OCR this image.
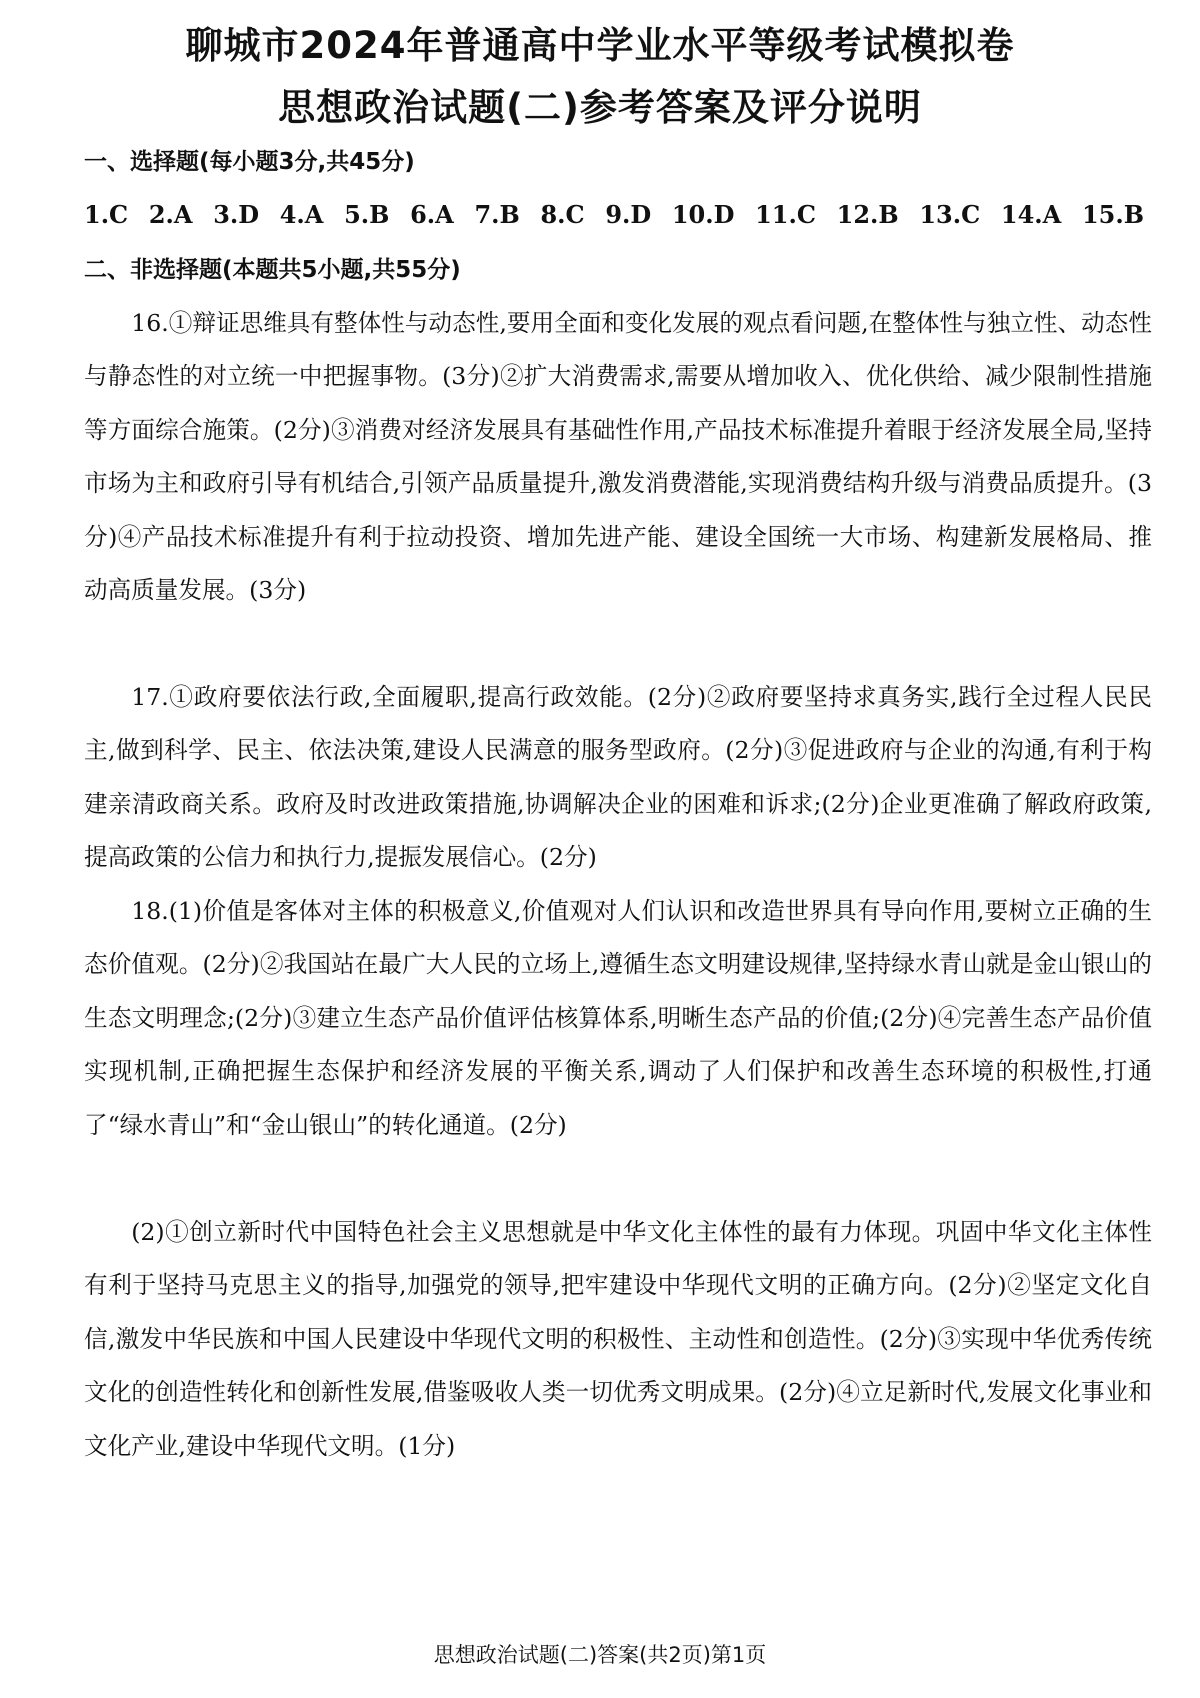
聊城市2024年普通高中学业水平等级考试模拟卷
思想政治试题(二)参考答案及评分说明
一、选择题(每小题3分,共45分)
1.C 2.A 3.D 4.A 5.B 6.A 7.B 8.C 9.D 10.D 11.C 12.B 13.C 14.A 15.B
二、非选择题(本题共5小题,共55分)

16.①辩证思维具有整体性与动态性,要用全面和变化发展的观点看问题,在整体性与独立性、动态性与静态性的对立统一中把握事物。(3分)②扩大消费需求,需要从增加收入、优化供给、减少限制性措施等方面综合施策。(2分)③消费对经济发展具有基础性作用,产品技术标准提升着眼于经济发展全局,坚持市场为主和政府引导有机结合,引领产品质量提升,激发消费潜能,实现消费结构升级与消费品质提升。(3分)④产品技术标准提升有利于拉动投资、增加先进产能、建设全国统一大市场、构建新发展格局、推动高质量发展。(3分)

17.①政府要依法行政,全面履职,提高行政效能。(2分)②政府要坚持求真务实,践行全过程人民民主,做到科学、民主、依法决策,建设人民满意的服务型政府。(2分)③促进政府与企业的沟通,有利于构建亲清政商关系。政府及时改进政策措施,协调解决企业的困难和诉求;(2分)企业更准确了解政府政策,提高政策的公信力和执行力,提振发展信心。(2分)

18.(1)价值是客体对主体的积极意义,价值观对人们认识和改造世界具有导向作用,要树立正确的生态价值观。(2分)②我国站在最广大人民的立场上,遵循生态文明建设规律,坚持绿水青山就是金山银山的生态文明理念;(2分)③建立生态产品价值评估核算体系,明晰生态产品的价值;(2分)④完善生态产品价值实现机制,正确把握生态保护和经济发展的平衡关系,调动了人们保护和改善生态环境的积极性,打通了“绿水青山”和“金山银山”的转化通道。(2分)

(2)①创立新时代中国特色社会主义思想就是中华文化主体性的最有力体现。巩固中华文化主体性有利于坚持马克思主义的指导,加强党的领导,把牢建设中华现代文明的正确方向。(2分)②坚定文化自信,激发中华民族和中国人民建设中华现代文明的积极性、主动性和创造性。(2分)③实现中华优秀传统文化的创造性转化和创新性发展,借鉴吸收人类一切优秀文明成果。(2分)④立足新时代,发展文化事业和文化产业,建设中华现代文明。(1分)

思想政治试题(二)答案(共2页)第1页
